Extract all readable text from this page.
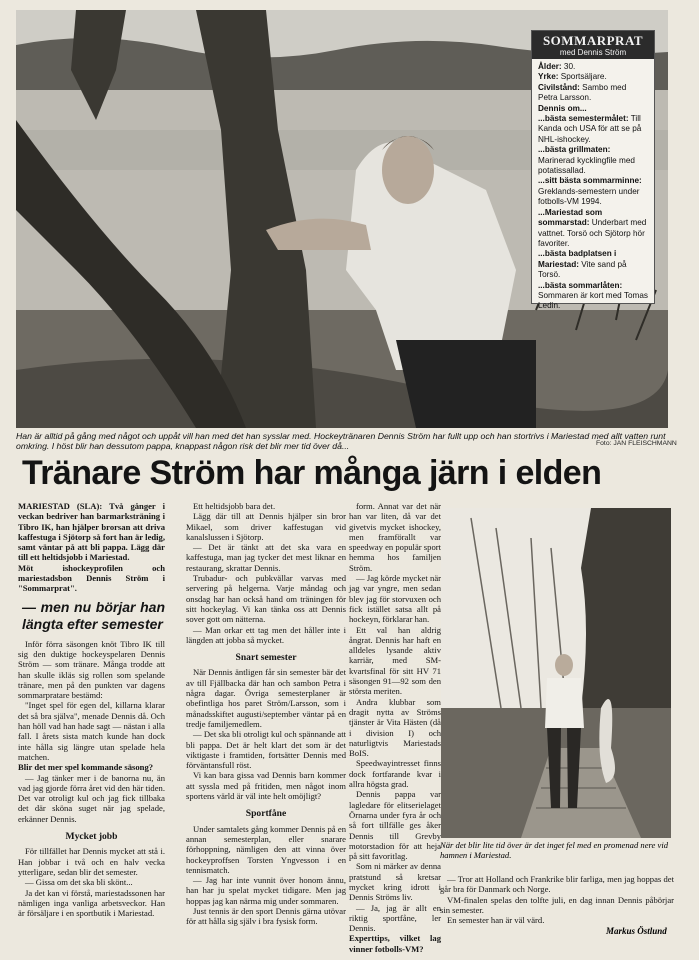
SOMMARPRAT
med Dennis Ström
Ålder: 30.
Yrke: Sportsäljare.
Civilstånd: Sambo med Petra Larsson.
Dennis om...
...bästa semestermålet: Till Kanda och USA för att se på NHL-ishockey.
...bästa grillmaten: Marinerad kycklingfile med potatissallad.
...sitt bästa sommarminne: Greklands-semestern under fotbolls-VM 1994.
...Mariestad som sommarstad: Underbart med vattnet. Torsö och Sjötorp hör favoriter.
...bästa badplatsen i Mariestad: Vite sand på Torsö.
...bästa sommarlåten: Sommaren är kort med Tomas Ledin.
Han är alltid på gång med något och uppåt vill han med det han sysslar med. Hockeytränaren Dennis Ström har fullt upp och han stortrivs i Mariestad med allt vatten runt omkring. I höst blir han dessutom pappa, knappast någon risk det blir mer tid över då...	Foto: JAN FLEISCHMANN
Tränare Ström har många järn i elden

MARIESTAD (SLA): Två gånger i veckan bedriver han barmarksträning i Tibro IK, han hjälper brorsan att driva kaffestuga i Sjötorp så fort han är ledig, samt väntar på att bli pappa. Lägg där till ett heltidsjobb i Mariestad.

Möt ishockeyprofilen och mariestadsbon Dennis Ström i "Sommarprat".

— men nu börjar han längta efter semester

Inför förra säsongen knöt Tibro IK till sig den duktige hockeyspelaren Dennis Ström — som tränare. Många trodde att han skulle ikläs sig rollen som spelande tränare, men på den punkten var dagens sommarpratare bestämd:

"Inget spel för egen del, killarna klarar det så bra själva", menade Dennis då. Och han höll vad han hade sagt — nästan i alla fall. I årets sista match kunde han dock inte hålla sig längre utan spelade hela matchen.

Blir det mer spel kommande säsong?

— Jag tänker mer i de banorna nu, än vad jag gjorde förra året vid den här tiden. Det var otroligt kul och jag fick tillbaka det där sköna suget när jag spelade, erkänner Dennis.

Mycket jobb

För tillfället har Dennis mycket att stå i. Han jobbar i två och en halv vecka ytterligare, sedan blir det semester.

— Gissa om det ska bli skönt...

Ja det kan vi förstå, mariestadssonen har nämligen inga vanliga arbetsveckor. Han är försäljare i en sportbutik i Mariestad.

Ett heltidsjobb bara det.

Lägg där till att Dennis hjälper sin bror Mikael, som driver kaffestugan vid kanalslussen i Sjötorp.

— Det är tänkt att det ska vara en kaffestuga, man jag tycker det mest liknar en restaurang, skrattar Dennis.

Trubadur- och pubkvällar varvas med servering på helgerna. Varje måndag och onsdag har han också hand om träningen för sitt hockeylag. Vi kan tänka oss att Dennis sover gott om nätterna.

— Man orkar ett tag men det håller inte i längden att jobba så mycket.

Snart semester

När Dennis äntligen får sin semester bär det av till Fjällbacka där han och sambon Petra i några dagar. Övriga semesterplaner är obefintliga hos paret Ström/Larsson, som i månadsskiftet augusti/september väntar på en tredje familjemedlem.

— Det ska bli otroligt kul och spännande att bli pappa. Det är helt klart det som är det viktigaste i framtiden, fortsätter Dennis med förväntansfull röst.

Vi kan bara gissa vad Dennis barn kommer att syssla med på fritiden, men något inom sportens värld är väl inte helt omöjligt?

Sportfåne

Under samtalets gång kommer Dennis på en annan semesterplan, eller snarare förhoppning, nämligen den att vinna över hockeyproffsen Torsten Yngvesson i en tennismatch.

— Jag har inte vunnit över honom ännu, han har ju spelat mycket tidigare. Men jag hoppas jag kan närma mig under sommaren.

Just tennis är den sport Dennis gärna utövar för att hålla sig själv i bra fysisk form.

form. Annat var det när han var liten, då var det givetvis mycket ishockey, men framförallt var speedway en populär sport hemma hos familjen Ström.

— Jag körde mycket när jag var yngre, men sedan blev jag för storvuxen och fick istället satsa allt på hockeyn, förklarar han.

Ett val han aldrig ångrat. Dennis har haft en alldeles lysande aktiv karriär, med SM-kvartsfinal för sitt HV 71 säsongen 91—92 som den största meriten.

Andra klubbar som dragit nytta av Ströms tjänster är Vita Hästen (då i division I) och naturligtvis Mariestads BoIS.

Speedwayintresset finns dock fortfarande kvar i allra högsta grad.

Dennis pappa var lagledare för elitserielaget Örnarna under fyra år och så fort tillfälle ges åker Dennis till Grevby motorstadion för att heja på sitt favoritlag.

Som ni märker av denna pratstund så kretsar mycket kring idrott i Dennis Ströms liv.

— Ja, jag är allt en riktig sportfåne, ler Dennis.

Experttips, vilket lag vinner fotbolls-VM?

När det blir lite tid över är det inget fel med en promenad nere vid hamnen i Mariestad.

— Tror att Holland och Frankrike blir farliga, men jag hoppas det går bra för Danmark och Norge.

VM-finalen spelas den tolfte juli, en dag innan Dennis påbörjar sin semester.

En semester han är väl värd.

Markus Östlund
